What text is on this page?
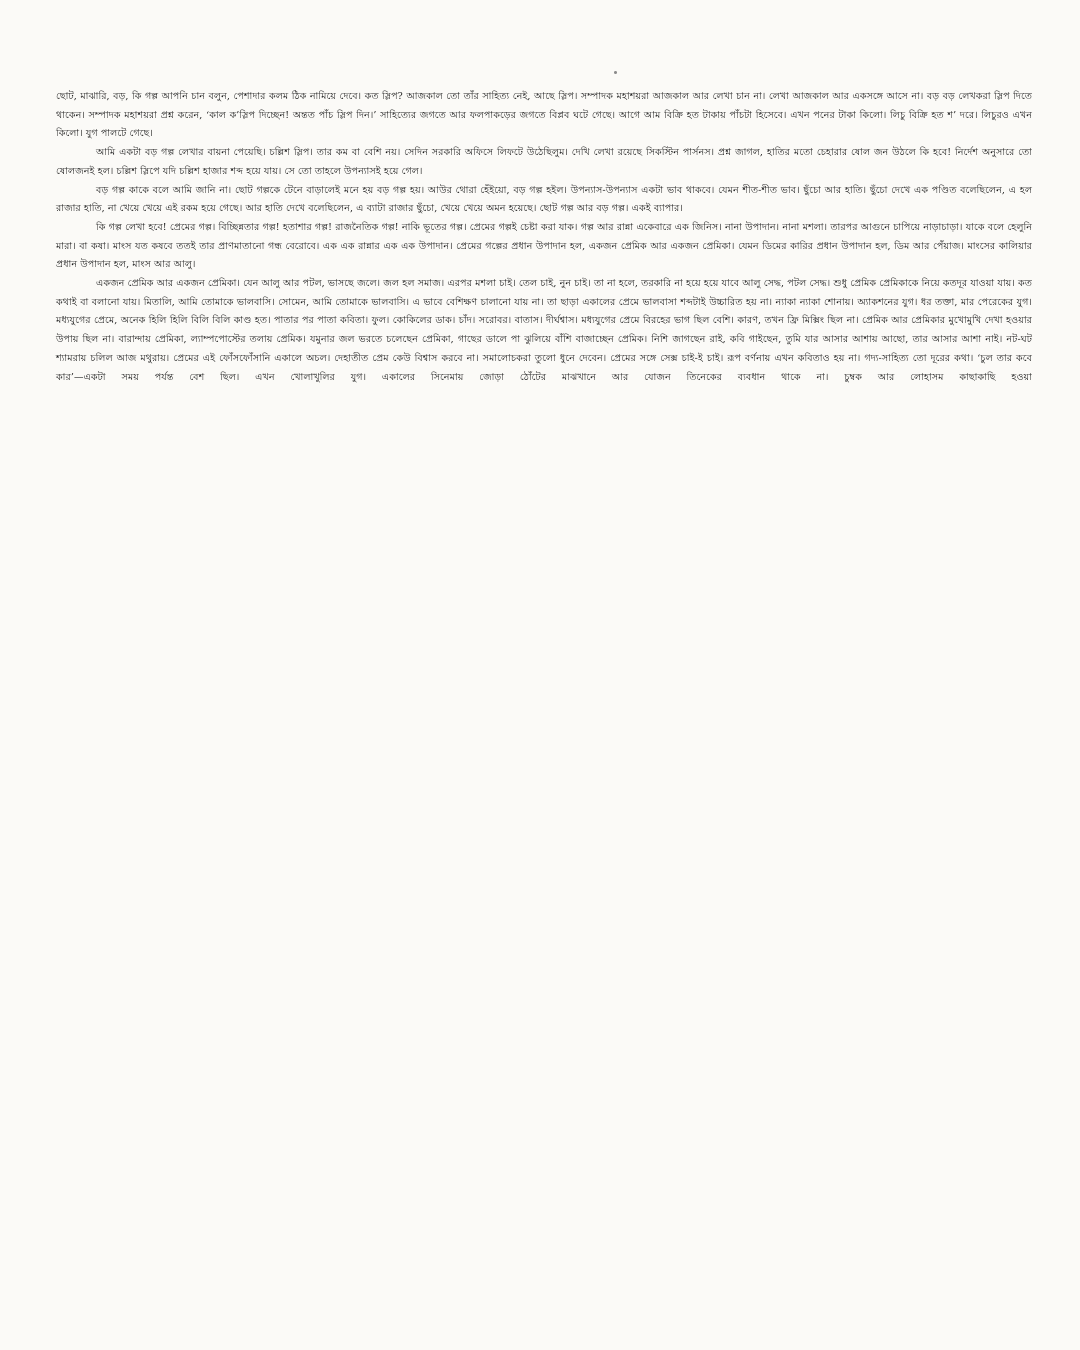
ছোট, মাঝারি, বড়, কি গল্প আপনি চান বলুন, পেশাদার কলম ঠিক নামিয়ে দেবে। কত স্লিপ? আজকাল তো তাঁর সাহিত্য নেই, আছে স্লিপ। সম্পাদক মহাশয়রা আজকাল আর লেখা চান না। লেখা আজকাল আর একসঙ্গে আসে না। বড় বড় লেখকরা স্লিপ দিতে থাকেন। সম্পাদক মহাশয়রা প্রশ্ন করেন, ‘কাল ক’স্লিপ দিচ্ছেন! অন্তত পাঁচ স্লিপ দিন।’ সাহিত্যের জগতে আর ফলপাকড়ের জগতে বিপ্লব ঘটে গেছে। আগে আম বিক্রি হত টাকায় পাঁচটা হিসেবে। এখন পনের টাকা কিলো। লিচু বিক্রি হত শ’ দরে। লিচুরও এখন কিলো। যুগ পালটে গেছে।

আমি একটা বড় গল্প লেখার বায়না পেয়েছি। চল্লিশ স্লিপ। তার কম বা বেশি নয়। সেদিন সরকারি অফিসে লিফটে উঠেছিলুম। দেখি লেখা রয়েছে সিকস্টিন পার্সনস। প্রশ্ন জাগল, হাতির মতো চেহারার ষোল জন উঠলে কি হবে! নির্দেশ অনুসারে তো ষোলজনই হল। চল্লিশ স্লিপে যদি চল্লিশ হাজার শব্দ হয়ে যায়। সে তো তাহলে উপন্যাসই হয়ে গেল।

বড় গল্প কাকে বলে আমি জানি না। ছোট গল্পকে টেনে বাড়ালেই মনে হয় বড় গল্প হয়। আউর থোরা হেঁইয়ো, বড় গল্প হইল। উপন্যাস-উপন্যাস একটা ভাব থাকবে। যেমন শীত-শীত ভাব। ছুঁচো আর হাতি। ছুঁচো দেখে এক পণ্ডিত বলেছিলেন, এ হল রাজার হাতি, না খেয়ে খেয়ে এই রকম হয়ে গেছে। আর হাতি দেখে বলেছিলেন, এ ব্যাটা রাজার ছুঁচো, খেয়ে খেয়ে অমন হয়েছে। ছোট গল্প আর বড় গল্প। একই ব্যাপার।

কি গল্প লেখা হবে! প্রেমের গল্প। বিচ্ছিন্নতার গল্প! হতাশার গল্প! রাজনৈতিক গল্প! নাকি ভূতের গল্প। প্রেমের গল্পই চেষ্টা করা যাক। গল্প আর রান্না একেবারে এক জিনিস। নানা উপাদান। নানা মশলা। তারপর আগুনে চাপিয়ে নাড়াচাড়া। যাকে বলে হেলুনি মারা। বা কষা। মাংস যত কষবে ততই তার প্রাণমাতানো গন্ধ বেরোবে। এক এক রান্নার এক এক উপাদান। প্রেমের গল্পের প্রধান উপাদান হল, একজন প্রেমিক আর একজন প্রেমিকা। যেমন ডিমের কারির প্রধান উপাদান হল, ডিম আর পেঁয়াজ। মাংসের কালিয়ার প্রধান উপাদান হল, মাংস আর আলু।

একজন প্রেমিক আর একজন প্রেমিকা। যেন আলু আর পটল, ভাসছে জলে। জল হল সমাজ। এরপর মশলা চাই। তেল চাই, নুন চাই। তা না হলে, তরকারি না হয়ে হয়ে যাবে আলু সেদ্ধ, পটল সেদ্ধ। শুধু প্রেমিক প্রেমিকাকে নিয়ে কতদূর যাওয়া যায়। কত কথাই বা বলানো যায়। মিতালি, আমি তোমাকে ভালবাসি। সোমেন, আমি তোমাকে ভালবাসি। এ ভাবে বেশিক্ষণ চালানো যায় না। তা ছাড়া একালের প্রেমে ভালবাসা শব্দটাই উচ্চারিত হয় না। ন্যাকা ন্যাকা শোনায়। অ্যাকশনের যুগ। ধর তক্তা, মার পেরেকের যুগ। মধ্যযুগের প্রেমে, অনেক হিলি হিলি বিলি বিলি কাণ্ড হত। পাতার পর পাতা কবিতা। ফুল। কোকিলের ডাক। চাঁদ। সরোবর। বাতাস। দীর্ঘশ্বাস। মধ্যযুগের প্রেমে বিরহের ভাগ ছিল বেশি। কারণ, তখন ফ্রি মিক্সিং ছিল না। প্রেমিক আর প্রেমিকার মুখোমুখি দেখা হওয়ার উপায় ছিল না। বারান্দায় প্রেমিকা, ল্যাম্পপোস্টের তলায় প্রেমিক। যমুনার জল ভরতে চলেছেন প্রেমিকা, গাছের ডালে পা ঝুলিয়ে বাঁশি বাজাচ্ছেন প্রেমিক। নিশি জাগছেন রাই, কবি গাইছেন, তুমি যার আসার আশায় আছো, তার আসার আশা নাই। নট-ঘট শ্যামরায় চলিল আজ মথুরায়। প্রেমের এই ফোঁসফোঁসানি একালে অচল। দেহাতীত প্রেম কেউ বিশ্বাস করবে না। সমালোচকরা তুলো ধুনে দেবেন। প্রেমের সঙ্গে সেক্স চাই-ই চাই। রূপ বর্ণনায় এখন কবিতাও হয় না। গদ্য-সাহিত্য তো দূরের কথা। ‘চুল তার কবে কার’—একটা সময় পর্যন্ত বেশ ছিল। এখন খোলাখুলির যুগ। একালের সিনেমায় জোড়া ঠোঁটের মাঝখানে আর যোজন তিনেকের ব্যবধান থাকে না। চুম্বক আর লোহাসম কাছাকাছি হওয়া
